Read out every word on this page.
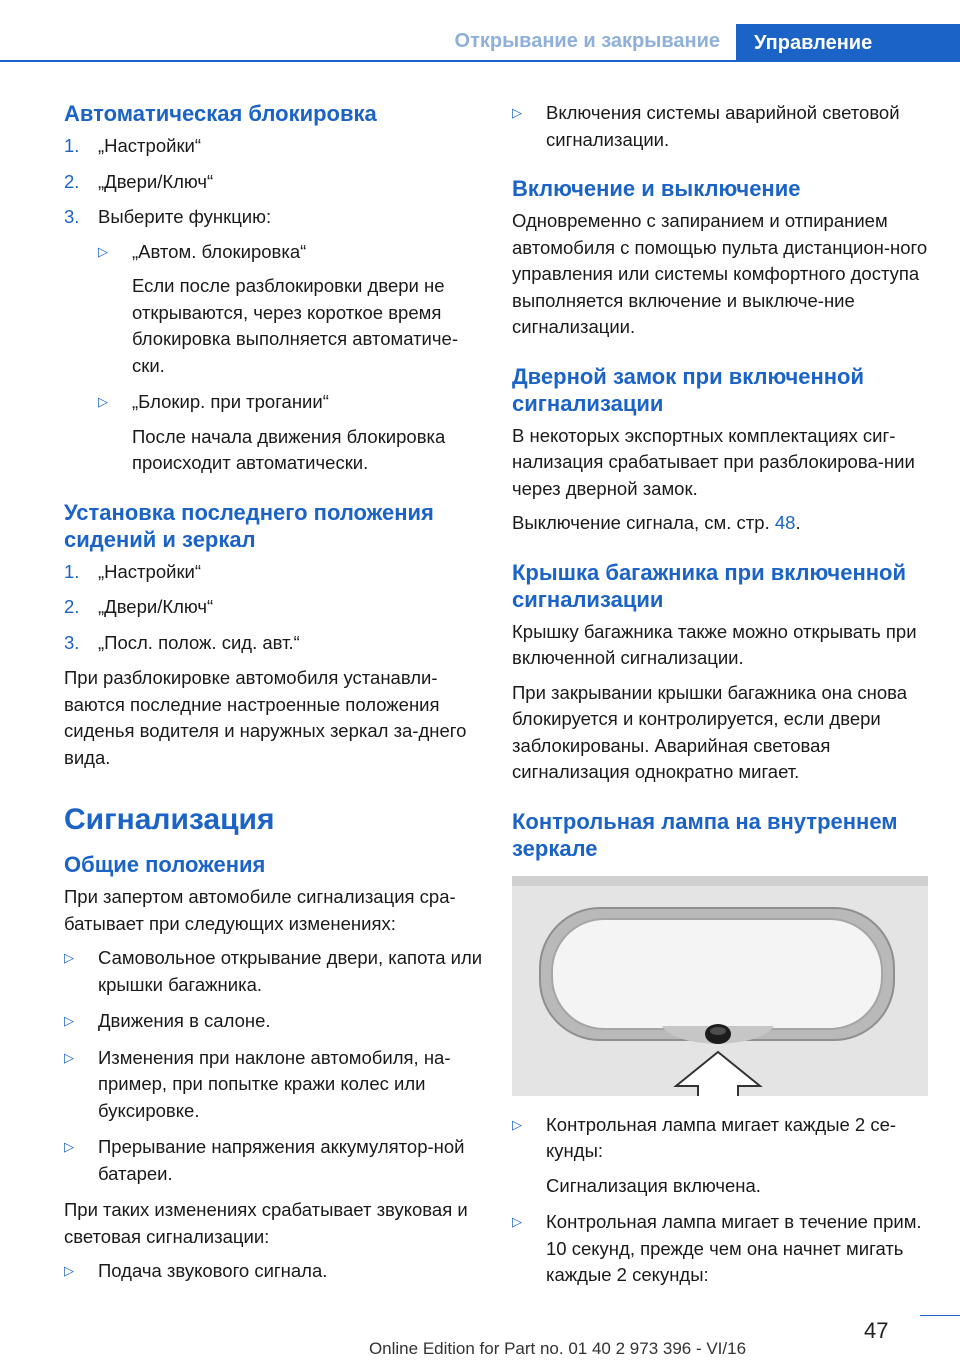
Открывание и закрывание	Управление
Автоматическая блокировка
1.	„Настройки“
2.	„Двери/Ключ“
3.	Выберите функцию:
▷	„Автом. блокировка“

Если после разблокировки двери не открываются, через короткое время блокировка выполняется автоматиче‐ски.

▷	„Блокир. при трогании“

После начала движения блокировка происходит автоматически.

Установка последнего положения сидений и зеркал
1.	„Настройки“
2.	„Двери/Ключ“
3.	„Посл. полож. сид. авт.“

При разблокировке автомобиля устанавли‐ваются последние настроенные положения сиденья водителя и наружных зеркал за‐днего вида.

Сигнализация
Общие положения

При запертом автомобиле сигнализация сра‐батывает при следующих изменениях:

▷	Самовольное открывание двери, капота или крышки багажника.
▷	Движения в салоне.
▷	Изменения при наклоне автомобиля, на‐пример, при попытке кражи колес или буксировке.
▷	Прерывание напряжения аккумулятор‐ной батареи.

При таких изменениях срабатывает звуковая и световая сигнализации:

▷	Подача звукового сигнала.
▷	Включения системы аварийной световой сигнализации.
Включение и выключение

Одновременно с запиранием и отпиранием автомобиля с помощью пульта дистанцион‐ного управления или системы комфортного доступа выполняется включение и выключе‐ние сигнализации.

Дверной замок при включенной сигнализации

В некоторых экспортных комплектациях сиг‐нализация срабатывает при разблокирова‐нии через дверной замок.

Выключение сигнала, см. стр. 48.

Крышка багажника при включенной сигнализации

Крышку багажника также можно открывать при включенной сигнализации.

При закрывании крышки багажника она снова блокируется и контролируется, если двери заблокированы. Аварийная световая сигнализация однократно мигает.

Контрольная лампа на внутреннем зеркале
▷	Контрольная лампа мигает каждые 2 се‐кунды:

Сигнализация включена.

▷	Контрольная лампа мигает в течение прим. 10 секунд, прежде чем она начнет мигать каждые 2 секунды:

47
Online Edition for Part no. 01 40 2 973 396 - VI/16
